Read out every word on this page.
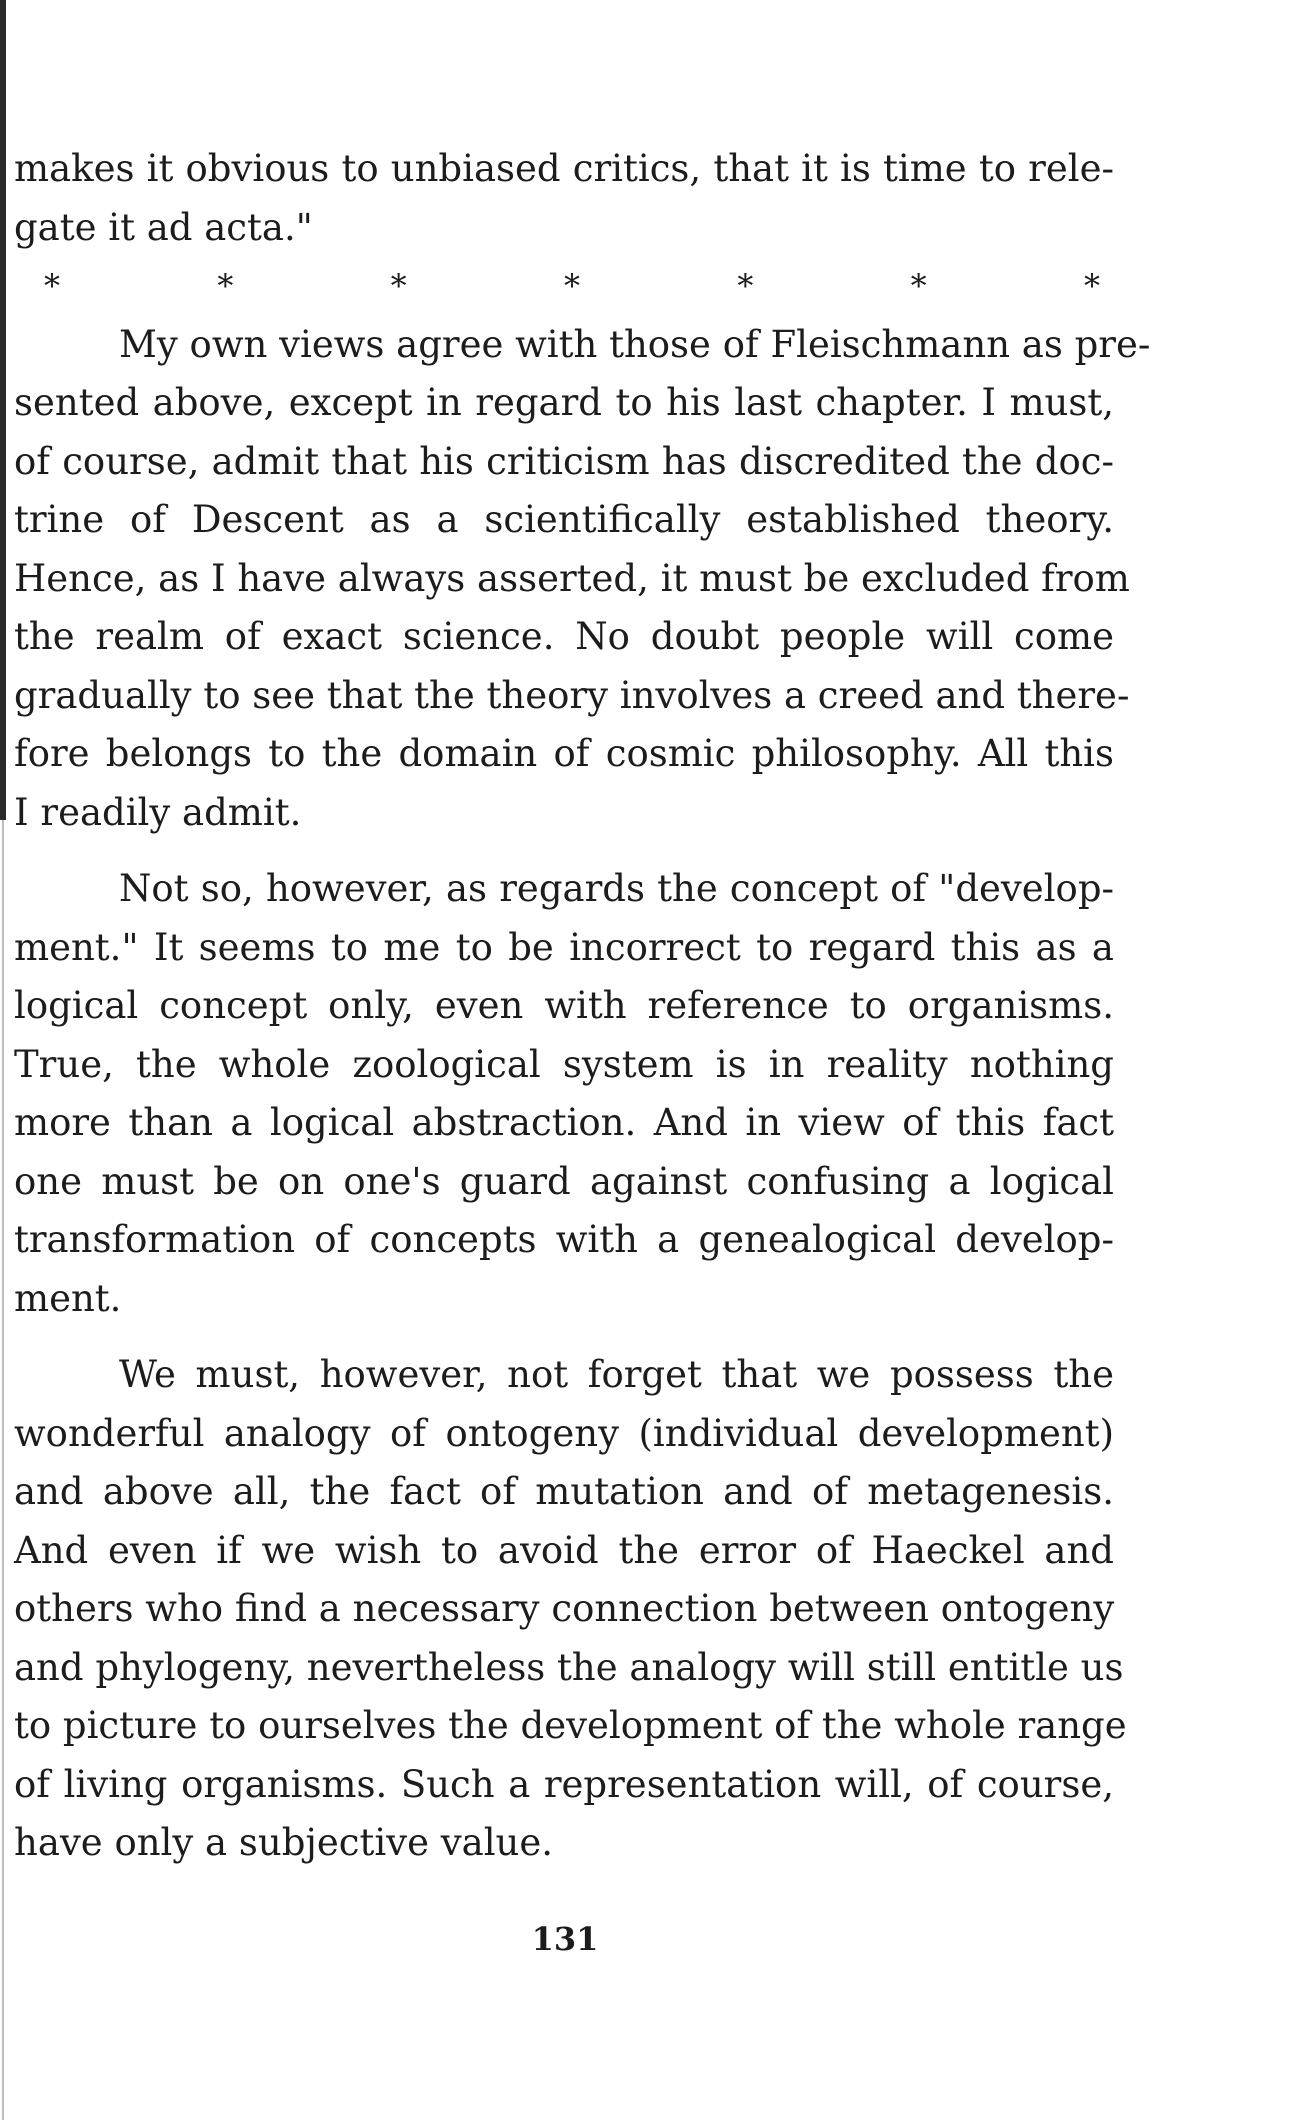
makes it obvious to unbiased critics, that it is time to rele-
gate it ad acta."
*	*	*	*	*	*	*
My own views agree with those of Fleischmann as pre-
sented above, except in regard to his last chapter. I must,
of course, admit that his criticism has discredited the doc-
trine of Descent as a scientifically established theory.
Hence, as I have always asserted, it must be excluded from
the realm of exact science. No doubt people will come
gradually to see that the theory involves a creed and there-
fore belongs to the domain of cosmic philosophy. All this
I readily admit.
Not so, however, as regards the concept of "develop-
ment." It seems to me to be incorrect to regard this as a
logical concept only, even with reference to organisms.
True, the whole zoological system is in reality nothing
more than a logical abstraction. And in view of this fact
one must be on one's guard against confusing a logical
transformation of concepts with a genealogical develop-
ment.
We must, however, not forget that we possess the
wonderful analogy of ontogeny (individual development)
and above all, the fact of mutation and of metagenesis.
And even if we wish to avoid the error of Haeckel and
others who find a necessary connection between ontogeny
and phylogeny, nevertheless the analogy will still entitle us
to picture to ourselves the development of the whole range
of living organisms. Such a representation will, of course,
have only a subjective value.
131
